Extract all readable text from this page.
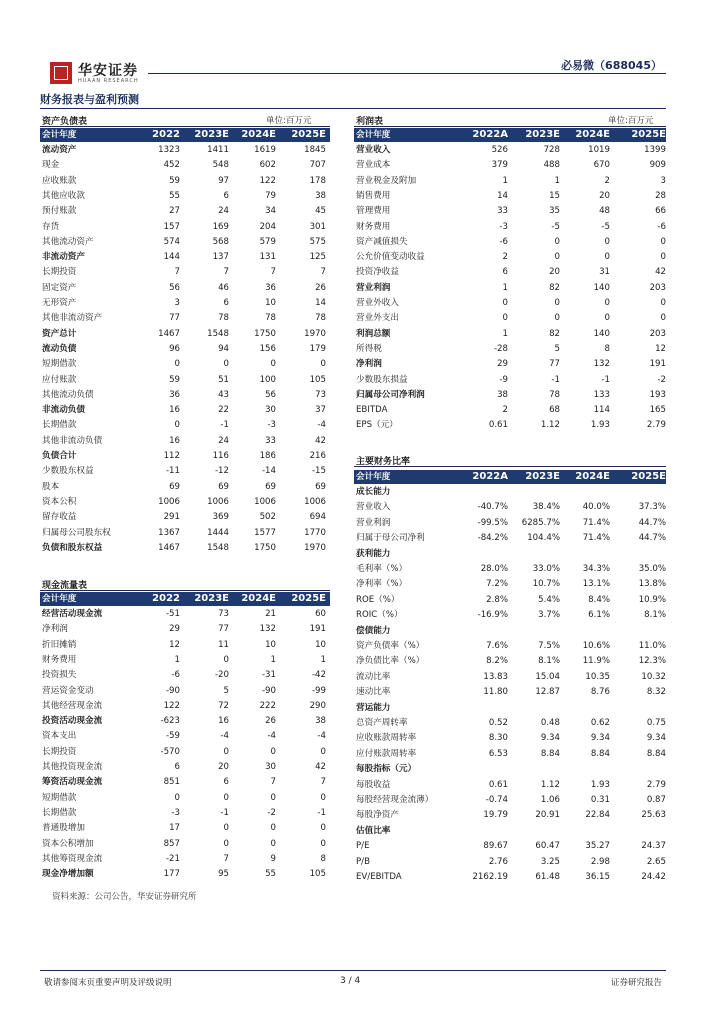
华安证券
HUAAN RESEARCH
必易微（688045）
财务报表与盈利预测
资产负债表	单位:百万元
会计年度	2022 2023E 2024E 2025E
流动资产	1323	1411	1619	1845
现金	452	548	602	707
应收账款	59	97	122	178
其他应收款	55	6	79	38
预付账款	27	24	34	45
存货	157	169	204	301
其他流动资产	574	568	579	575
非流动资产	144	137	131	125
长期投资	7	7	7	7
固定资产	56	46	36	26
无形资产	3	6	10	14
其他非流动资产	77	78	78	78
资产总计	1467	1548	1750	1970
流动负债	96	94	156	179
短期借款	0	0	0	0
应付账款	59	51	100	105
其他流动负债	36	43	56	73
非流动负债	16	22	30	37
长期借款	0	-1	-3	-4
其他非流动负债	16	24	33	42
负债合计	112	116	186	216
少数股东权益	-11	-12	-14	-15
股本	69	69	69	69
资本公积	1006	1006	1006	1006
留存收益	291	369	502	694
归属母公司股东权	1367	1444	1577	1770
负债和股东权益	1467	1548	1750	1970
现金流量表
会计年度	2022 2023E 2024E 2025E
经营活动现金流	-51	73	21	60
净利润	29	77	132	191
折旧摊销	12	11	10	10
财务费用	1	0	1	1
投资损失	-6	-20	-31	-42
营运资金变动	-90	5	-90	-99
其他经营现金流	122	72	222	290
投资活动现金流	-623	16	26	38
资本支出	-59	-4	-4	-4
长期投资	-570	0	0	0
其他投资现金流	6	20	30	42
筹资活动现金流	851	6	7	7
短期借款	0	0	0	0
长期借款	-3	-1	-2	-1
普通股增加	17	0	0	0
资本公积增加	857	0	0	0
其他筹资现金流	-21	7	9	8
现金净增加额	177	95	55	105
利润表	单位:百万元
会计年度	2022A 2023E 2024E 2025E
营业收入	526	728	1019	1399
营业成本	379	488	670	909
营业税金及附加	1	1	2	3
销售费用	14	15	20	28
管理费用	33	35	48	66
财务费用	-3	-5	-5	-6
资产减值损失	-6	0	0	0
公允价值变动收益	2	0	0	0
投资净收益	6	20	31	42
营业利润	1	82	140	203
营业外收入	0	0	0	0
营业外支出	0	0	0	0
利润总额	1	82	140	203
所得税	-28	5	8	12
净利润	29	77	132	191
少数股东损益	-9	-1	-1	-2
归属母公司净利润	38	78	133	193
EBITDA	2	68	114	165
EPS（元）	0.61	1.12	1.93	2.79
主要财务比率
会计年度	2022A 2023E 2024E 2025E
成长能力
营业收入	-40.7%	38.4%	40.0%	37.3%
营业利润	-99.5% 6285.7%	71.4%	44.7%
归属于母公司净利	-84.2% 104.4%	71.4%	44.7%
获利能力
毛利率（%）	28.0%	33.0%	34.3%	35.0%
净利率（%）	7.2%	10.7%	13.1%	13.8%
ROE（%）	2.8%	5.4%	8.4%	10.9%
ROIC（%）	-16.9%	3.7%	6.1%	8.1%
偿债能力
资产负债率（%）	7.6%	7.5%	10.6%	11.0%
净负债比率（%）	8.2%	8.1%	11.9%	12.3%
流动比率	13.83	15.04	10.35	10.32
速动比率	11.80	12.87	8.76	8.32
营运能力
总资产周转率	0.52	0.48	0.62	0.75
应收账款周转率	8.30	9.34	9.34	9.34
应付账款周转率	6.53	8.84	8.84	8.84
每股指标（元）
每股收益	0.61	1.12	1.93	2.79
每股经营现金流薄）	-0.74	1.06	0.31	0.87
每股净资产	19.79	20.91	22.84	25.63
估值比率
P/E	89.67	60.47	35.27	24.37
P/B	2.76	3.25	2.98	2.65
EV/EBITDA	2162.19	61.48	36.15	24.42
资料来源：公司公告，华安证券研究所
敬请参阅末页重要声明及评级说明	3 / 4	证券研究报告
